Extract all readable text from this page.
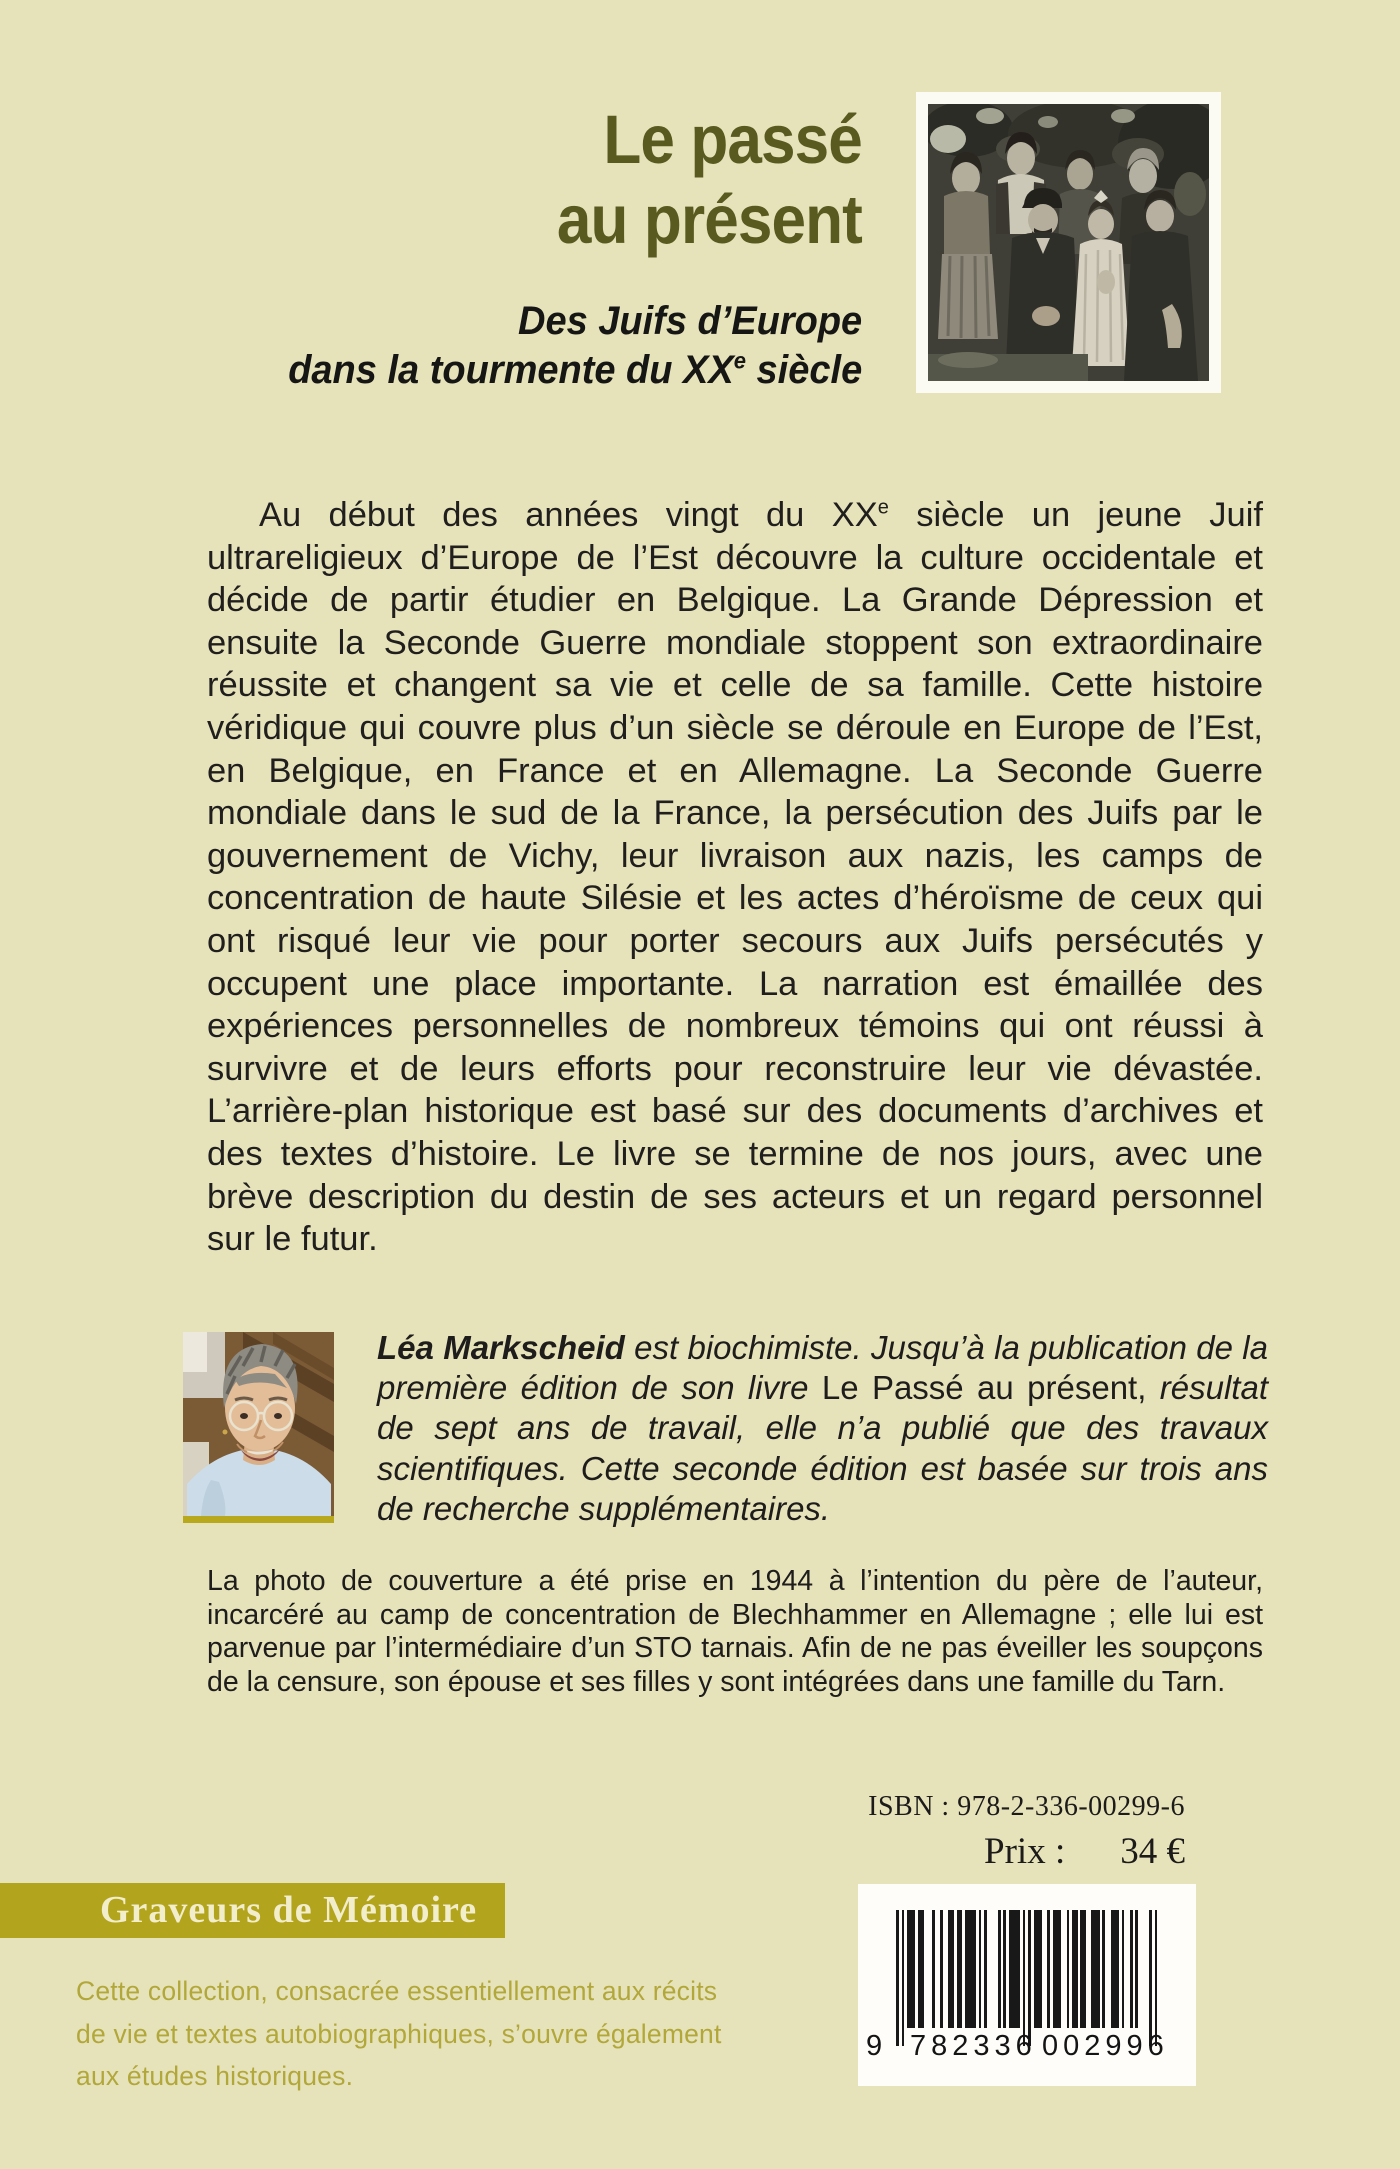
Le passé
au présent
Des Juifs d’Europe
dans la tourmente du XXe siècle

Au début des années vingt du XXe siècle un jeune Juif ultrareligieux d’Europe de l’Est découvre la culture occidentale et décide de partir étudier en Belgique. La Grande Dépression et ensuite la Seconde Guerre mondiale stoppent son extraordinaire réussite et changent sa vie et celle de sa famille. Cette histoire véridique qui couvre plus d’un siècle se déroule en Europe de l’Est, en Belgique, en France et en Allemagne. La Seconde Guerre mondiale dans le sud de la France, la persécution des Juifs par le gouvernement de Vichy, leur livraison aux nazis, les camps de concentration de haute Silésie et les actes d’héroïsme de ceux qui ont risqué leur vie pour porter secours aux Juifs persécutés y occupent une place importante. La narration est émaillée des expériences personnelles de nombreux témoins qui ont réussi à survivre et de leurs efforts pour reconstruire leur vie dévastée. L’arrière-plan historique est basé sur des documents d’archives et des textes d’histoire. Le livre se termine de nos jours, avec une brève description du destin de ses acteurs et un regard personnel sur le futur.

Léa Markscheid est biochimiste. Jusqu’à la publication de la première édition de son livre Le Passé au présent, résultat de sept ans de travail, elle n’a publié que des travaux scientifiques. Cette seconde édition est basée sur trois ans de recherche supplémentaires.

La photo de couverture a été prise en 1944 à l’intention du père de l’auteur, incarcéré au camp de concentration de Blechhammer en Allemagne ; elle lui est parvenue par l’intermédiaire d’un STO tarnais. Afin de ne pas éveiller les soupçons de la censure, son épouse et ses filles y sont intégrées dans une famille du Tarn.

ISBN : 978-2-336-00299-6
Prix : 34 €
Graveurs de Mémoire

Cette collection, consacrée essentiellement aux récits de vie et textes autobiographiques, s’ouvre également aux études historiques.

9 782336 002996
